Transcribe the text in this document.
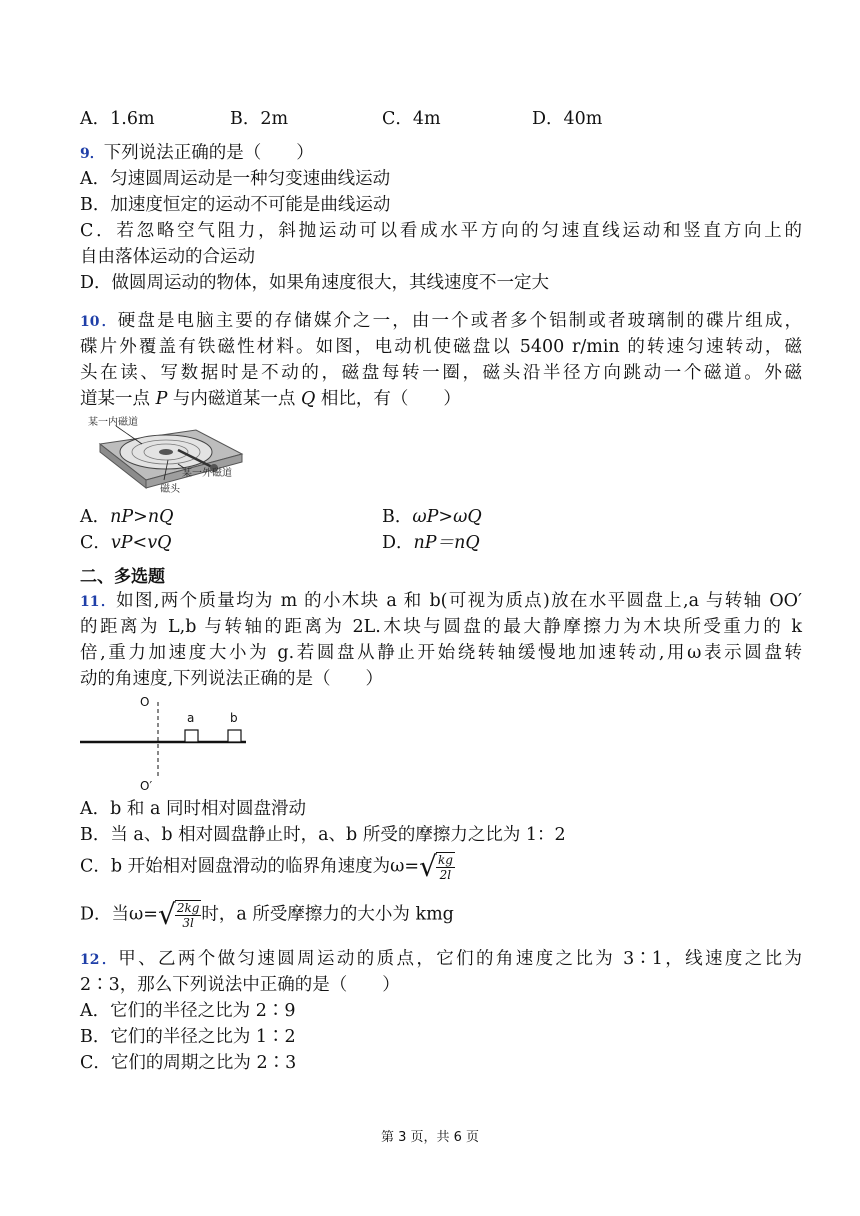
A．1.6m	B．2m	C．4m	D．40m
9．下列说法正确的是（　　）
A．匀速圆周运动是一种匀变速曲线运动
B．加速度恒定的运动不可能是曲线运动
C．若忽略空气阻力，斜抛运动可以看成水平方向的匀速直线运动和竖直方向上的
自由落体运动的合运动
D．做圆周运动的物体，如果角速度很大，其线速度不一定大
10．硬盘是电脑主要的存储媒介之一，由一个或者多个铝制或者玻璃制的碟片组成，
碟片外覆盖有铁磁性材料。如图，电动机使磁盘以 5400 r/min 的转速匀速转动，磁
头在读、写数据时是不动的，磁盘每转一圈，磁头沿半径方向跳动一个磁道。外磁
道某一点 P 与内磁道某一点 Q 相比，有（　　）
某一内磁道
某一外磁道
磁头
A．nP>nQ	B．ωP>ωQ
C．vP<vQ	D．nP＝nQ
二、多选题
11．如图,两个质量均为 m 的小木块 a 和 b(可视为质点)放在水平圆盘上,a 与转轴 OO′
的距离为 L,b 与转轴的距离为 2L.木块与圆盘的最大静摩擦力为木块所受重力的 k
倍,重力加速度大小为 g.若圆盘从静止开始绕转轴缓慢地加速转动,用ω表示圆盘转
动的角速度,下列说法正确的是（　　）
O
a	b
O′
A．b 和 a 同时相对圆盘滑动
B．当 a、b 相对圆盘静止时，a、b 所受的摩擦力之比为 1：2
C．b 开始相对圆盘滑动的临界角速度为ω= √ $\frac{kg}{2l}$
D．当ω= √ $\frac{2kg}{3l}$ 时，a 所受摩擦力的大小为 kmg
12．甲、乙两个做匀速圆周运动的质点，它们的角速度之比为 3∶1，线速度之比为
2∶3，那么下列说法中正确的是（　　）
A．它们的半径之比为 2∶9
B．它们的半径之比为 1∶2
C．它们的周期之比为 2∶3
第 3 页，共 6 页
